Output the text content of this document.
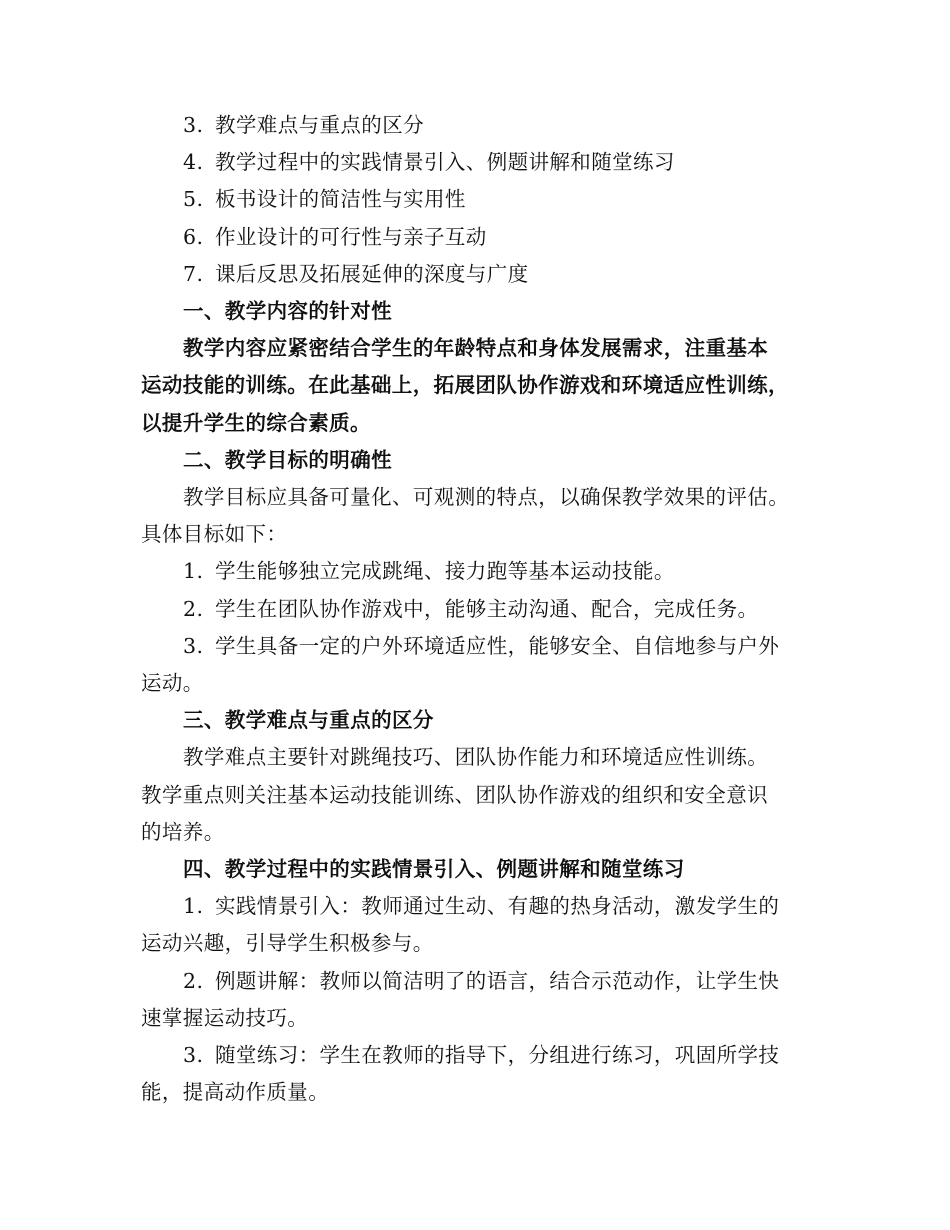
3. 教学难点与重点的区分
4. 教学过程中的实践情景引入、例题讲解和随堂练习
5. 板书设计的简洁性与实用性
6. 作业设计的可行性与亲子互动
7. 课后反思及拓展延伸的深度与广度
一、教学内容的针对性
教学内容应紧密结合学生的年龄特点和身体发展需求，注重基本
运动技能的训练。在此基础上，拓展团队协作游戏和环境适应性训练，
以提升学生的综合素质。
二、教学目标的明确性
教学目标应具备可量化、可观测的特点，以确保教学效果的评估。
具体目标如下：
1. 学生能够独立完成跳绳、接力跑等基本运动技能。
2. 学生在团队协作游戏中，能够主动沟通、配合，完成任务。
3. 学生具备一定的户外环境适应性，能够安全、自信地参与户外
运动。
三、教学难点与重点的区分
教学难点主要针对跳绳技巧、团队协作能力和环境适应性训练。
教学重点则关注基本运动技能训练、团队协作游戏的组织和安全意识
的培养。
四、教学过程中的实践情景引入、例题讲解和随堂练习
1. 实践情景引入：教师通过生动、有趣的热身活动，激发学生的
运动兴趣，引导学生积极参与。
2. 例题讲解：教师以简洁明了的语言，结合示范动作，让学生快
速掌握运动技巧。
3. 随堂练习：学生在教师的指导下，分组进行练习，巩固所学技
能，提高动作质量。
